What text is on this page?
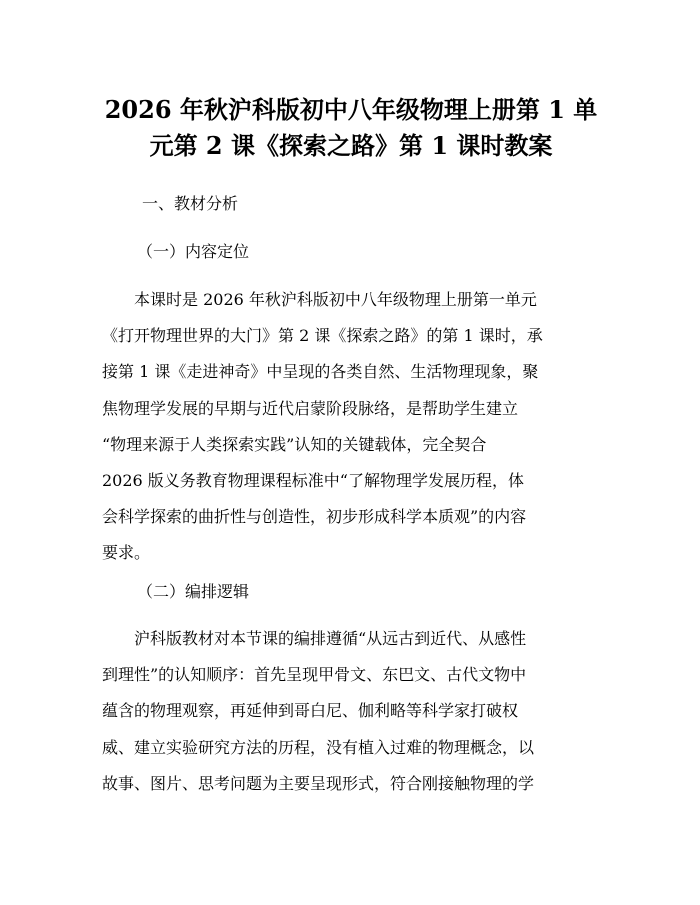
2026 年秋沪科版初中八年级物理上册第 1 单
元第 2 课《探索之路》第 1 课时教案
一、教材分析
（一）内容定位
本课时是 2026 年秋沪科版初中八年级物理上册第一单元
《打开物理世界的大门》第 2 课《探索之路》的第 1 课时，承
接第 1 课《走进神奇》中呈现的各类自然、生活物理现象，聚
焦物理学发展的早期与近代启蒙阶段脉络，是帮助学生建立
“物理来源于人类探索实践”认知的关键载体，完全契合
2026 版义务教育物理课程标准中“了解物理学发展历程，体
会科学探索的曲折性与创造性，初步形成科学本质观”的内容
要求。
（二）编排逻辑
沪科版教材对本节课的编排遵循“从远古到近代、从感性
到理性”的认知顺序：首先呈现甲骨文、东巴文、古代文物中
蕴含的物理观察，再延伸到哥白尼、伽利略等科学家打破权
威、建立实验研究方法的历程，没有植入过难的物理概念，以
故事、图片、思考问题为主要呈现形式，符合刚接触物理的学
